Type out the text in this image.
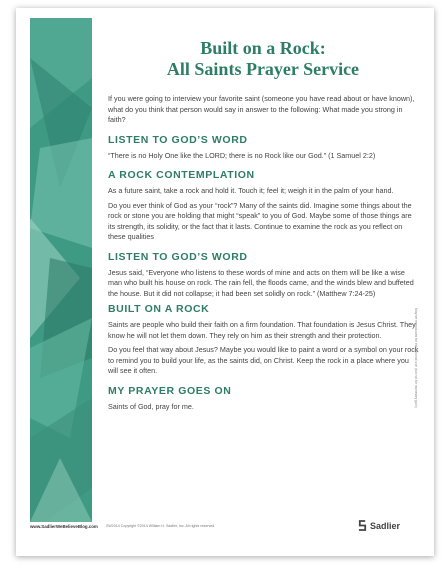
Built on a Rock:
All Saints Prayer Service

If you were going to interview your favorite saint (someone you have read about or have known), what do you think that person would say in answer to the following: What made you strong in faith?

LISTEN TO GOD’S WORD

“There is no Holy One like the LORD; there is no Rock like our God.” (1 Samuel 2:2)

A ROCK CONTEMPLATION

As a future saint, take a rock and hold it. Touch it; feel it; weigh it in the palm of your hand.

Do you ever think of God as your “rock”? Many of the saints did. Imagine some things about the rock or stone you are holding that might “speak” to you of God. Maybe some of those things are its strength, its solidity, or the fact that it lasts. Continue to examine the rock as you reflect on these qualities

LISTEN TO GOD’S WORD

Jesus said, “Everyone who listens to these words of mine and acts on them will be like a wise man who built his house on rock. The rain fell, the floods came, and the winds blew and buffeted the house. But it did not collapse; it had been set solidly on rock.” (Matthew 7:24-25)

BUILT ON A ROCK

Saints are people who build their faith on a firm foundation. That foundation is Jesus Christ. They know he will not let them down. They rely on him as their strength and their protection.

Do you feel that way about Jesus? Maybe you would like to paint a word or a symbol on your rock to remind you to build your life, as the saints did, on Christ. Keep the rock in a place where you will see it often.

MY PRAYER GOES ON

Saints of God, pray for me.

www.SadlierWeBelieveBlog.com SW2014 Copyright ©2014 William H. Sadlier, Inc. All rights reserved.
May be reproduced for educational use (but not for monetary gain)
Sadlier
